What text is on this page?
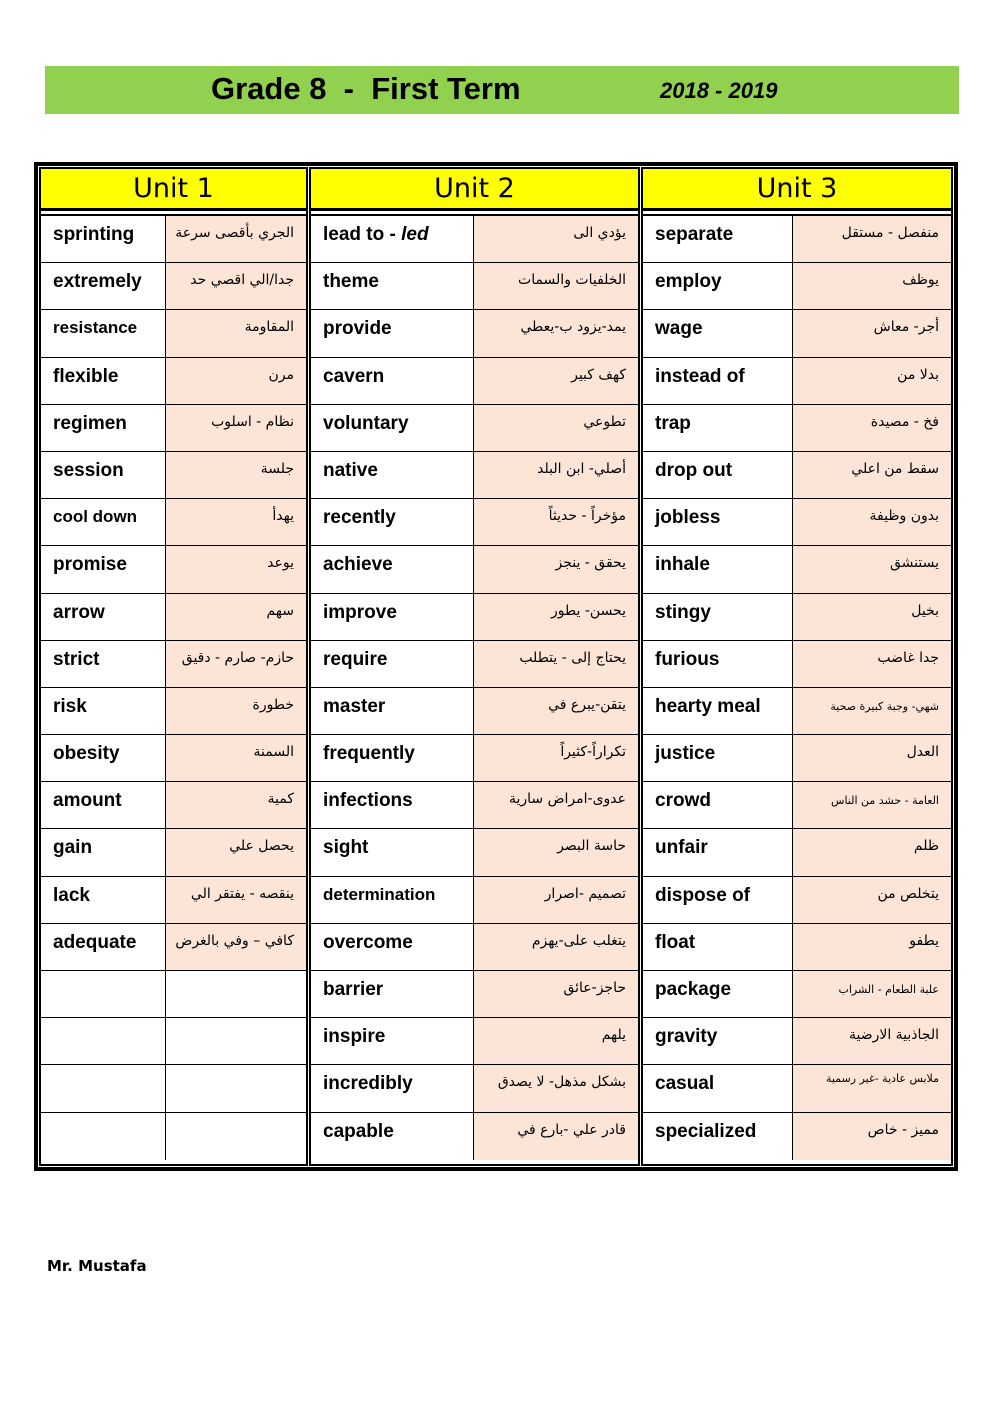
Grade 8  -  First Term	2018 - 2019
Unit 1
sprinting	الجري بأقصى سرعة
extremely	جدا/الي اقصي حد
resistance	المقاومة
flexible	مرن
regimen	نظام - اسلوب
session	جلسة
cool down	يهدأ
promise	يوعد
arrow	سهم
strict	حازم- صارم - دقيق
risk	خطورة
obesity	السمنة
amount	كمية
gain	يحصل علي
lack	ينقصه - يفتقر الي
adequate	كافي – وفي بالغرض
Unit 2
lead to - led	يؤدي الى
theme	الخلفيات والسمات
provide	يمد-يزود ب-يعطي
cavern	كهف كبير
voluntary	تطوعي
native	أصلي- ابن البلد
recently	مؤخراً - حديثاً
achieve	يحقق - ينجز
improve	يحسن- يطور
require	يحتاج إلى - يتطلب
master	يتقن-يبرع في
frequently	تكراراً-كثيراً
infections	عدوى-امراض سارية
sight	حاسة البصر
determination	تصميم -اصرار
overcome	يتغلب على-يهزم
barrier	حاجز-عائق
inspire	يلهم
incredibly	بشكل مذهل- لا يصدق
capable	قادر علي -بارع في
Unit 3
separate	منفصل - مستقل
employ	يوظف
wage	أجر- معاش
instead of	بدلا من
trap	فخ - مصيدة
drop out	سقط من اعلي
jobless	بدون وظيفة
inhale	يستنشق
stingy	بخيل
furious	جدا غاضب
hearty meal	شهي- وجبة كبيرة صحية
justice	العدل
crowd	العامة - حشد من الناس
unfair	ظلم
dispose of	يتخلص من
float	يطفو
package	علبة الطعام - الشراب
gravity	الجاذبية الارضية
casual	ملابس عادية -غير رسمية
specialized	مميز - خاص
Mr. Mustafa
